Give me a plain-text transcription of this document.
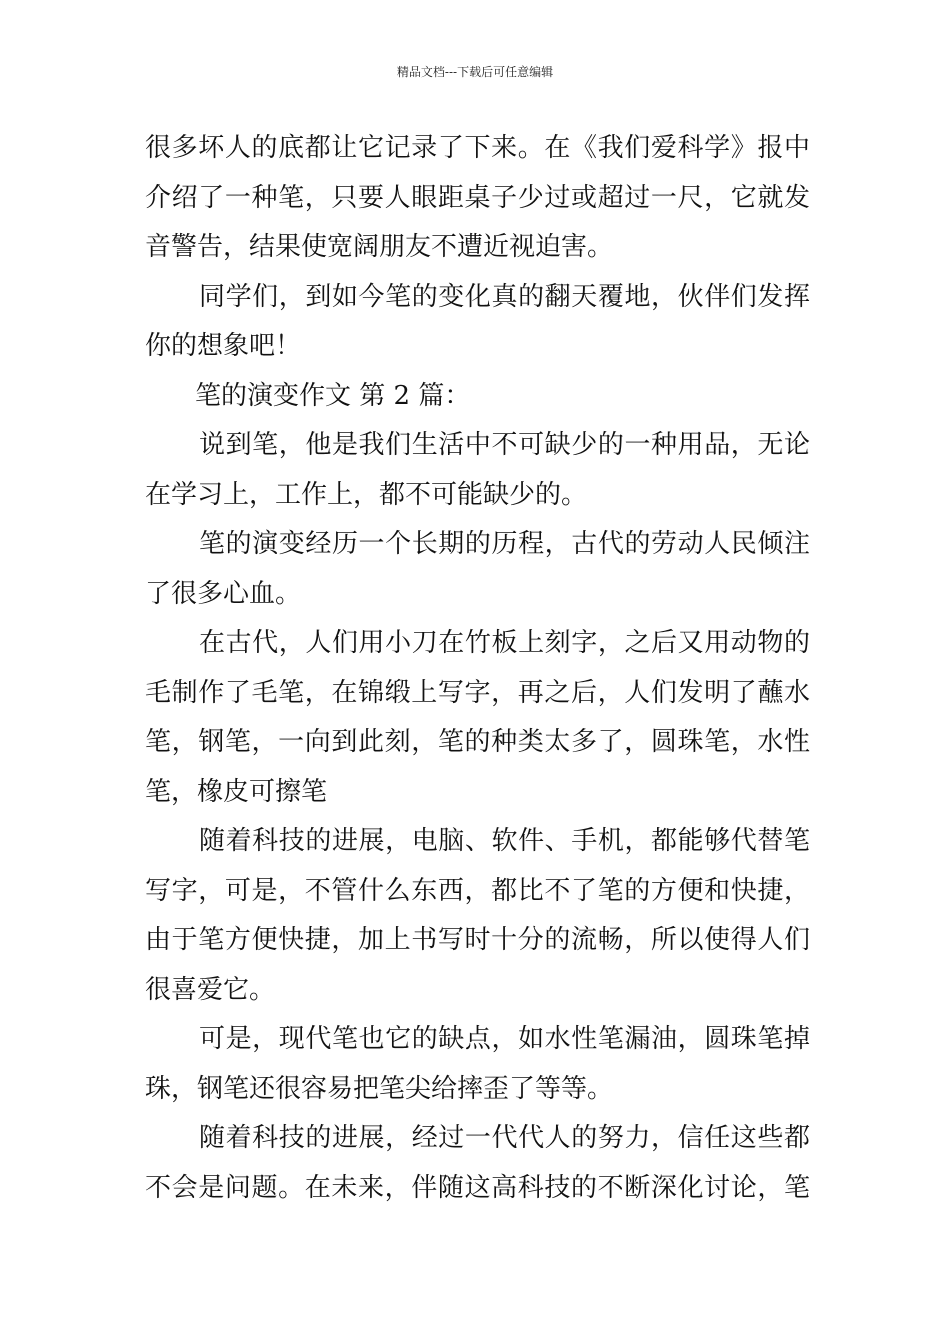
精品文档---下载后可任意编辑
很多坏人的底都让它记录了下来。在《我们爱科学》报中
介绍了一种笔，只要人眼距桌子少过或超过一尺，它就发
音警告，结果使宽阔朋友不遭近视迫害。
同学们，到如今笔的变化真的翻天覆地，伙伴们发挥
你的想象吧！
笔的演变作文 第 2 篇：
说到笔，他是我们生活中不可缺少的一种用品，无论
在学习上，工作上，都不可能缺少的。
笔的演变经历一个长期的历程，古代的劳动人民倾注
了很多心血。
在古代，人们用小刀在竹板上刻字，之后又用动物的
毛制作了毛笔，在锦缎上写字，再之后，人们发明了蘸水
笔，钢笔，一向到此刻，笔的种类太多了，圆珠笔，水性
笔，橡皮可擦笔
随着科技的进展，电脑、软件、手机，都能够代替笔
写字，可是，不管什么东西，都比不了笔的方便和快捷，
由于笔方便快捷，加上书写时十分的流畅，所以使得人们
很喜爱它。
可是，现代笔也它的缺点，如水性笔漏油，圆珠笔掉
珠，钢笔还很容易把笔尖给摔歪了等等。
随着科技的进展，经过一代代人的努力，信任这些都
不会是问题。在未来，伴随这高科技的不断深化讨论，笔
